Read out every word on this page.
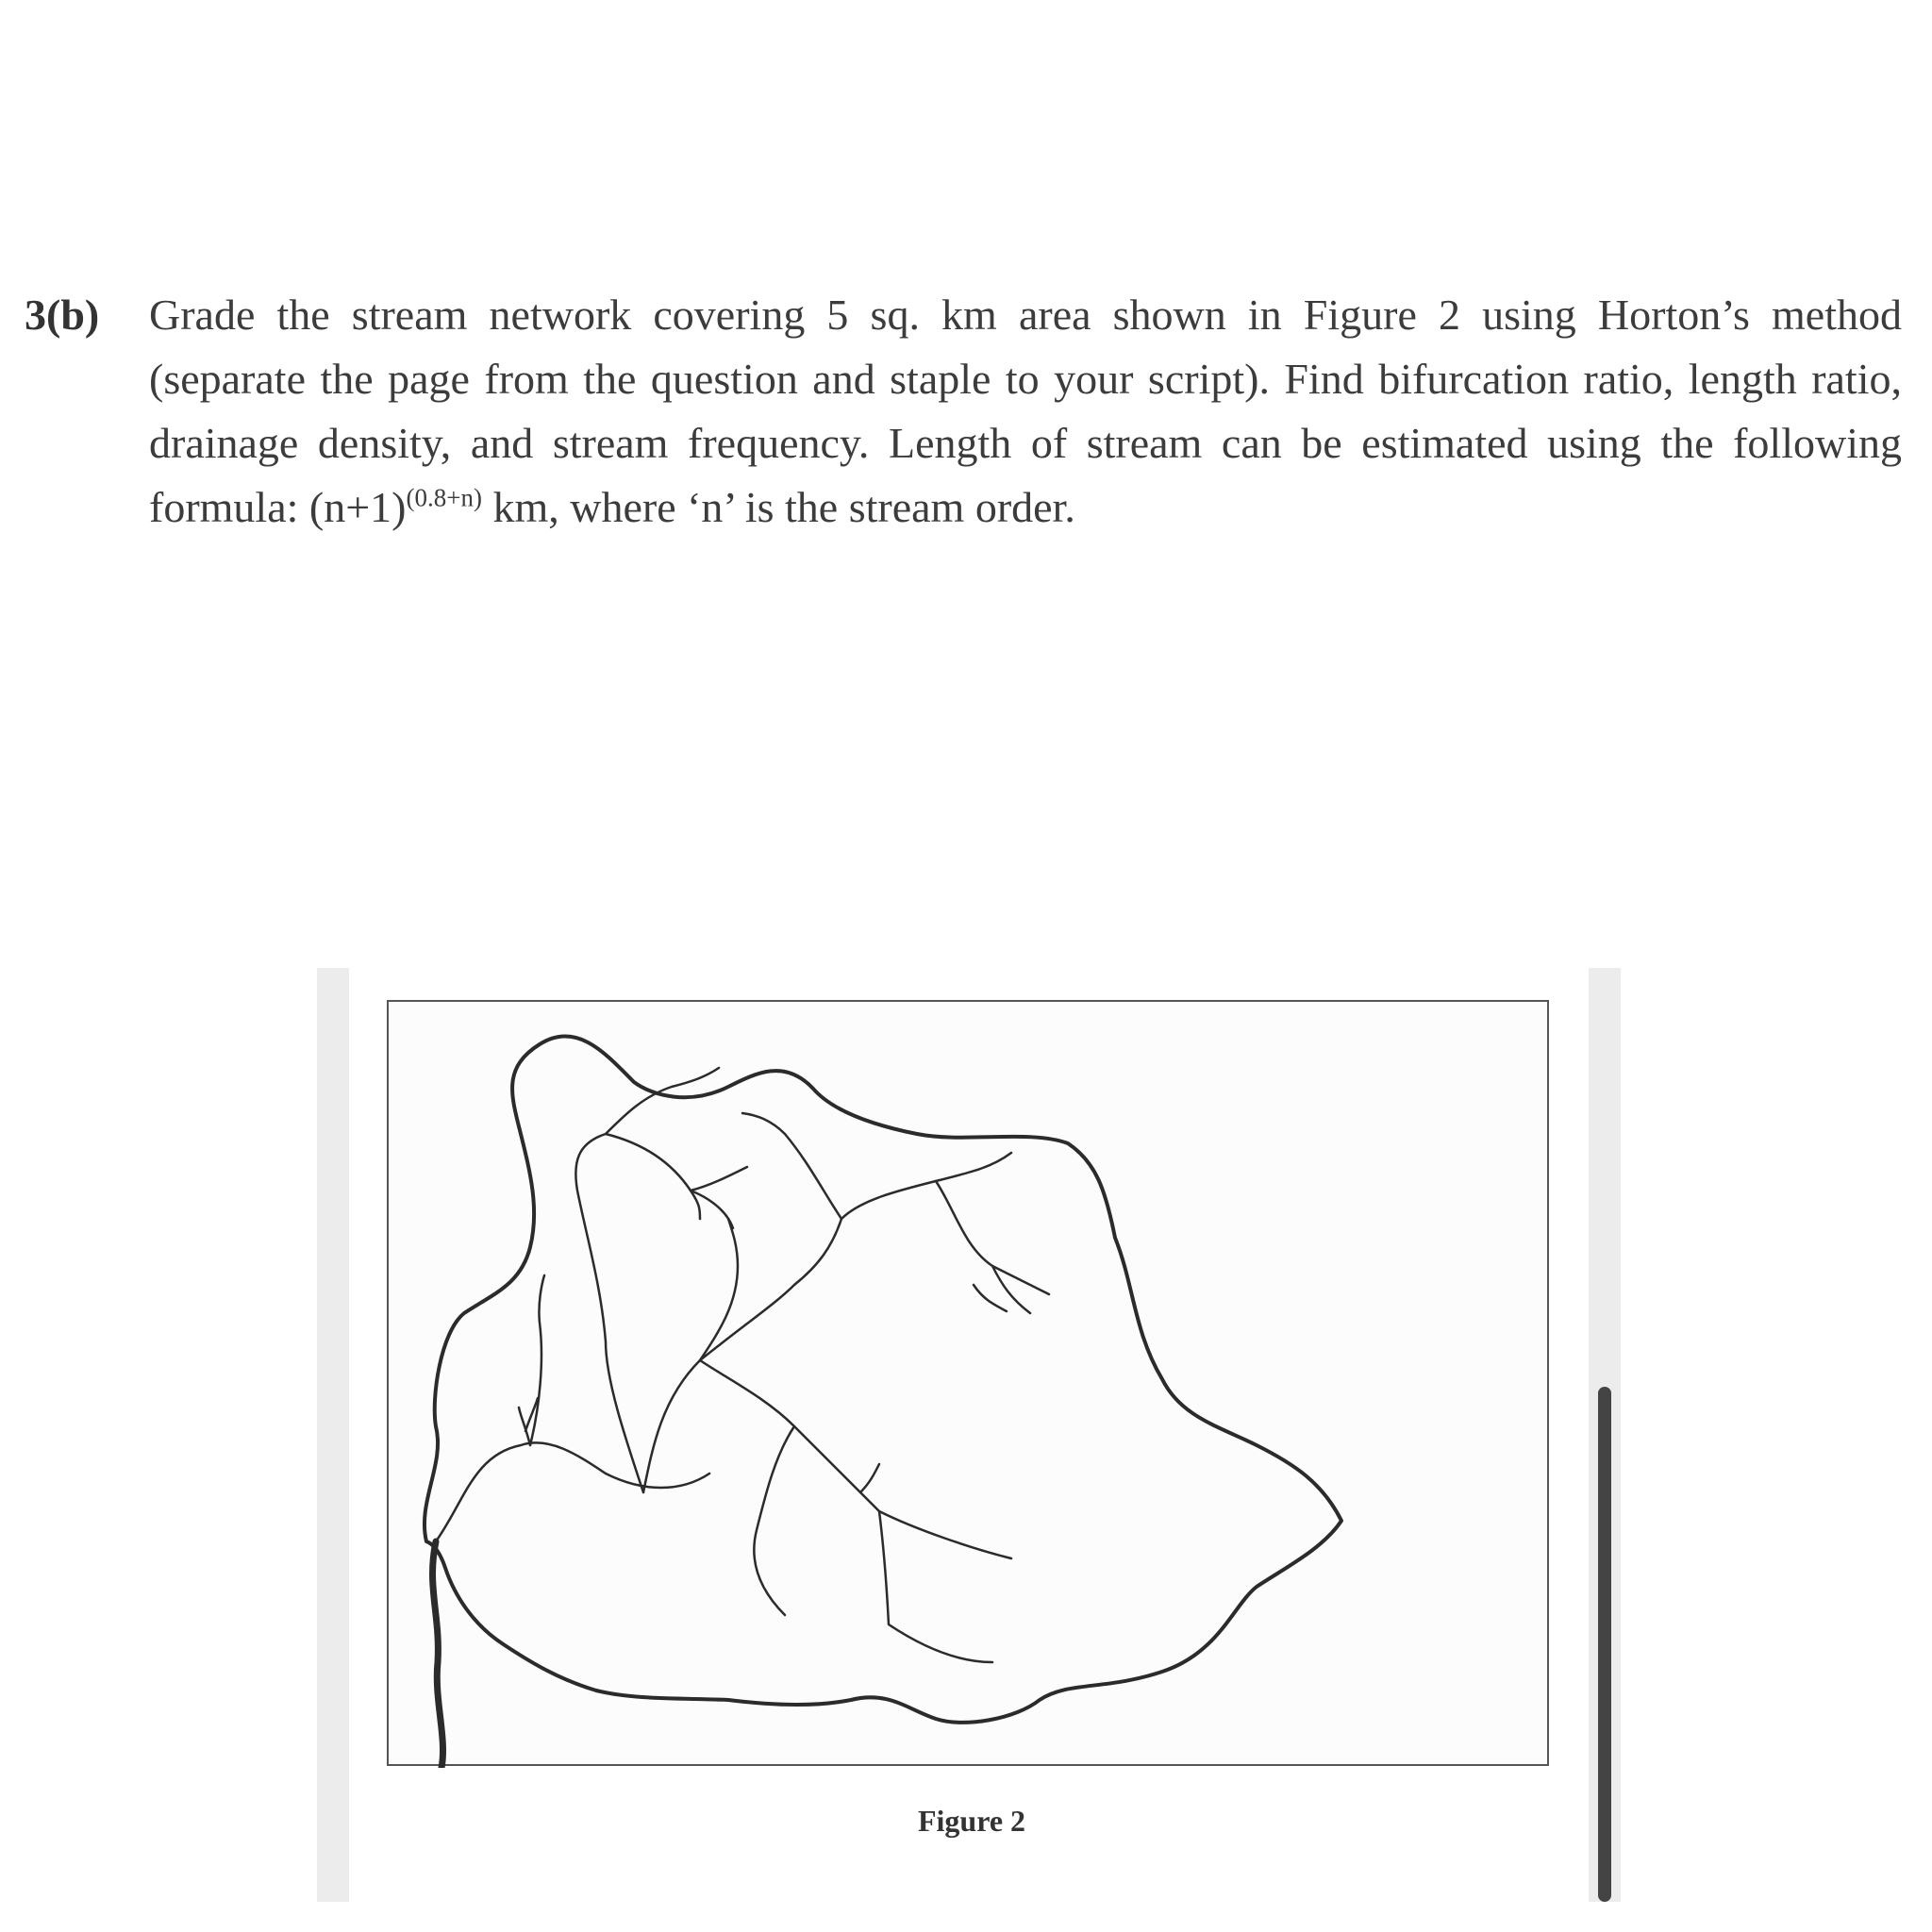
3(b)	Grade the stream network covering 5 sq. km area shown in Figure 2 using Horton’s method (separate the page from the question and staple to your script). Find bifurcation ratio, length ratio, drainage density, and stream frequency. Length of stream can be estimated using the following formula: $(n+1)^{(0.8+n)}$ km, where ‘n’ is the stream order.
Figure 2
